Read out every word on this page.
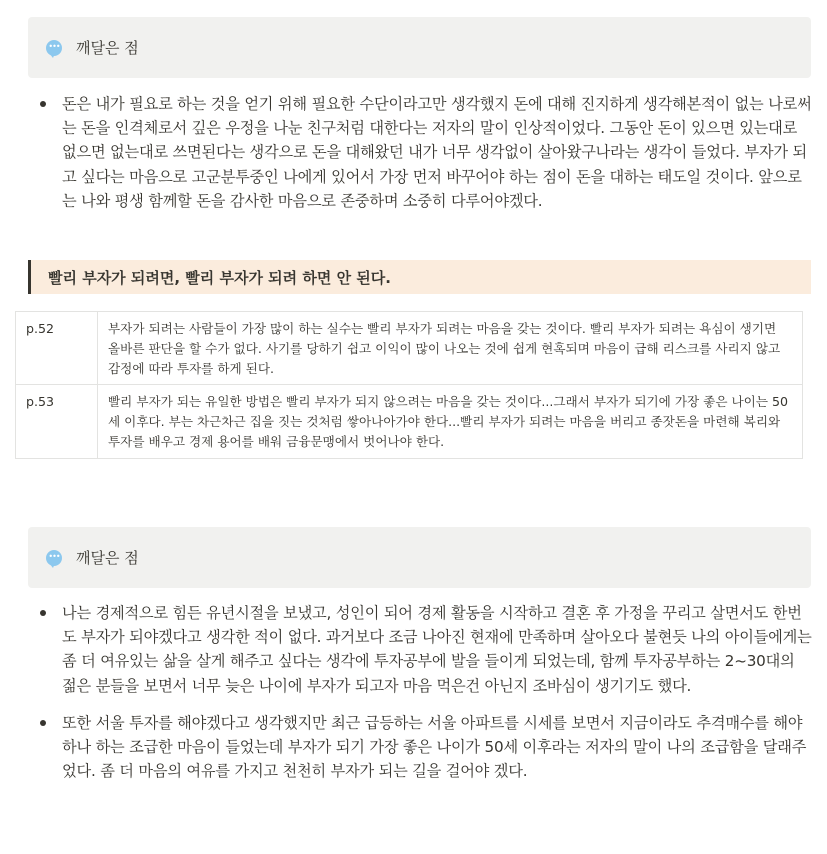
••• 깨달은 점
돈은 내가 필요로 하는 것을 얻기 위해 필요한 수단이라고만 생각했지 돈에 대해 진지하게 생각해본적이 없는 나로써는 돈을 인격체로서 깊은 우정을 나눈 친구처럼 대한다는 저자의 말이 인상적이었다. 그동안 돈이 있으면 있는대로 없으면 없는대로 쓰면된다는 생각으로 돈을 대해왔던 내가 너무 생각없이 살아왔구나라는 생각이 들었다. 부자가 되고 싶다는 마음으로 고군분투중인 나에게 있어서 가장 먼저 바꾸어야 하는 점이 돈을 대하는 태도일 것이다. 앞으로는 나와 평생 함께할 돈을 감사한 마음으로 존중하며 소중히 다루어야겠다.
빨리 부자가 되려면, 빨리 부자가 되려 하면 안 된다.
p.52	부자가 되려는 사람들이 가장 많이 하는 실수는 빨리 부자가 되려는 마음을 갖는 것이다. 빨리 부자가 되려는 욕심이 생기면 올바른 판단을 할 수가 없다. 사기를 당하기 쉽고 이익이 많이 나오는 것에 쉽게 현혹되며 마음이 급해 리스크를 사리지 않고 감정에 따라 투자를 하게 된다.
p.53	빨리 부자가 되는 유일한 방법은 빨리 부자가 되지 않으려는 마음을 갖는 것이다...그래서 부자가 되기에 가장 좋은 나이는 50세 이후다. 부는 차근차근 집을 짓는 것처럼 쌓아나아가야 한다...빨리 부자가 되려는 마음을 버리고 종잣돈을 마련해 복리와 투자를 배우고 경제 용어를 배워 금융문맹에서 벗어나야 한다.
••• 깨달은 점
나는 경제적으로 힘든 유년시절을 보냈고, 성인이 되어 경제 활동을 시작하고 결혼 후 가정을 꾸리고 살면서도 한번도 부자가 되야겠다고 생각한 적이 없다. 과거보다 조금 나아진 현재에 만족하며 살아오다 불현듯 나의 아이들에게는 좀 더 여유있는 삶을 살게 해주고 싶다는 생각에 투자공부에 발을 들이게 되었는데, 함께 투자공부하는 2~30대의 젊은 분들을 보면서 너무 늦은 나이에 부자가 되고자 마음 먹은건 아닌지 조바심이 생기기도 했다.
또한 서울 투자를 해야겠다고 생각했지만 최근 급등하는 서울 아파트를 시세를 보면서 지금이라도 추격매수를 해야하나 하는 조급한 마음이 들었는데 부자가 되기 가장 좋은 나이가 50세 이후라는 저자의 말이 나의 조급함을 달래주었다. 좀 더 마음의 여유를 가지고 천천히 부자가 되는 길을 걸어야 겠다.
